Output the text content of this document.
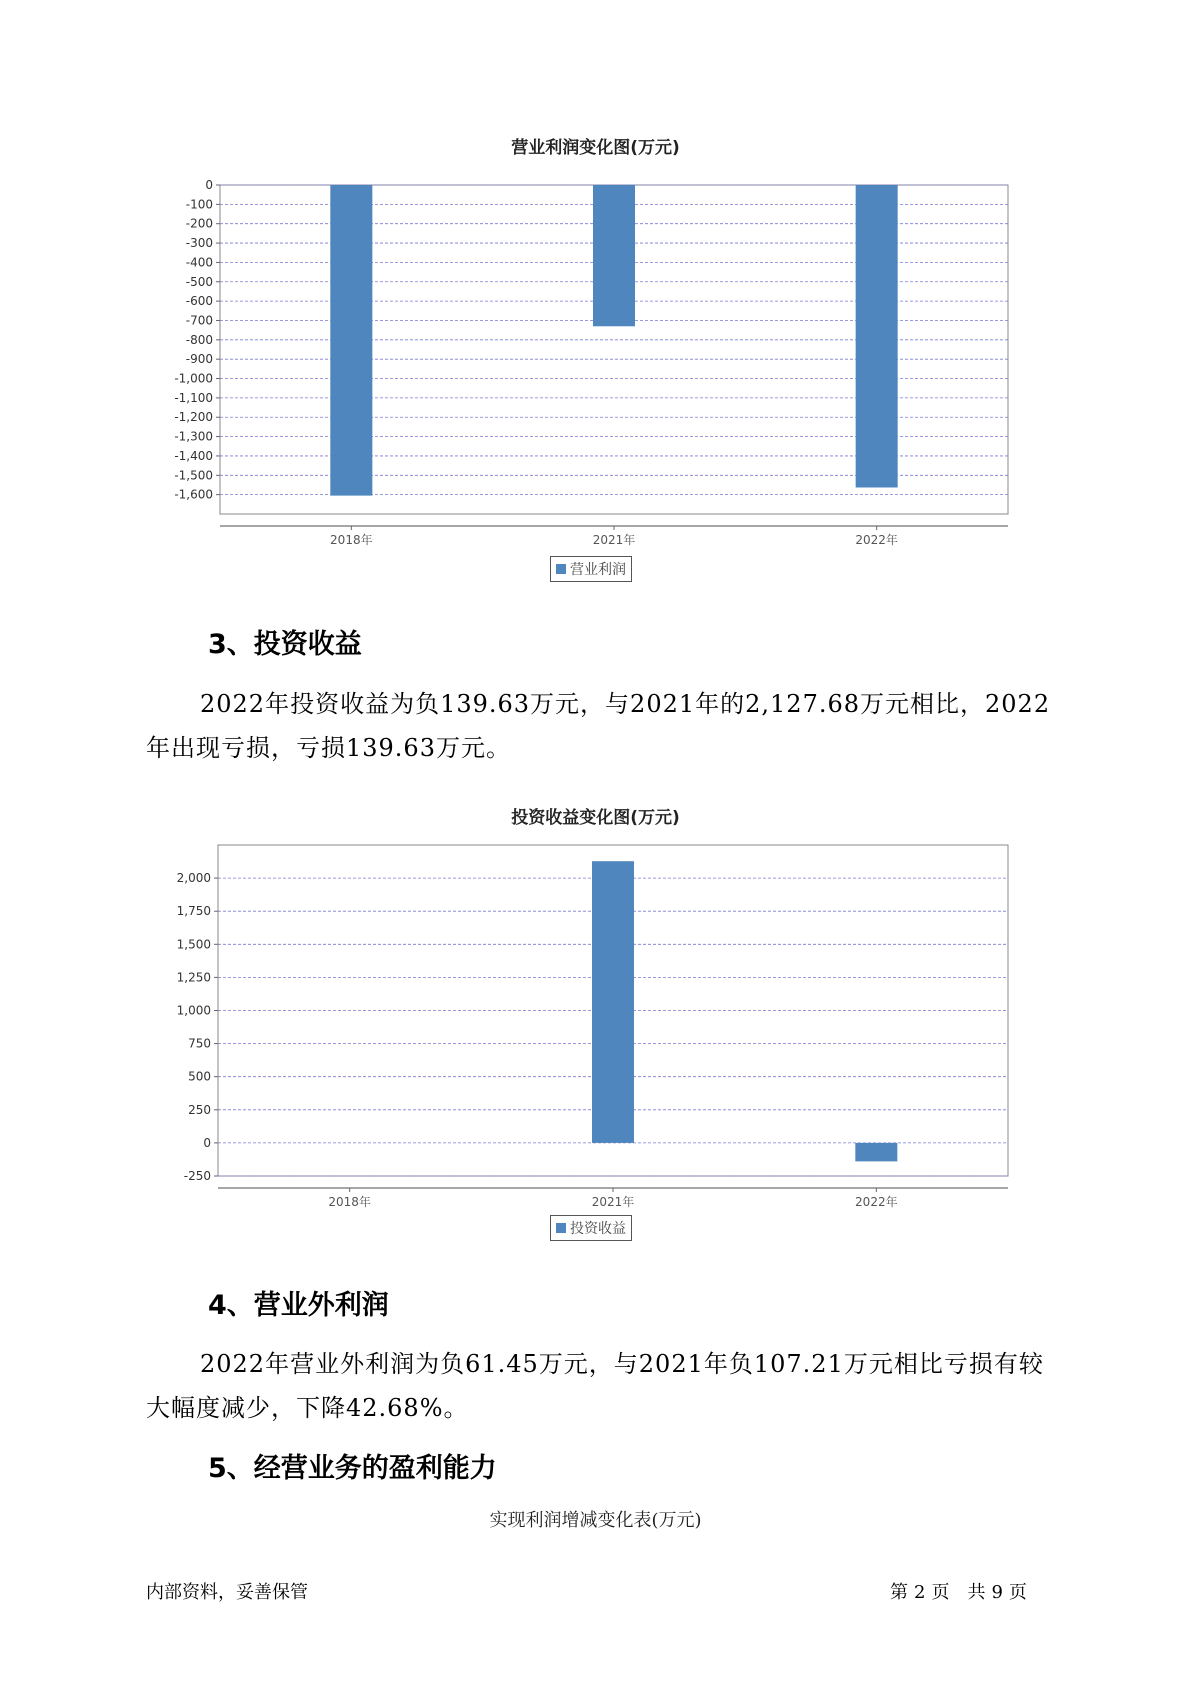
营业利润变化图(万元)
0
-100
-200
-300
-400
-500
-600
-700
-800
-900
-1,000
-1,100
-1,200
-1,300
-1,400
-1,500
-1,600
2018年	2021年	2022年
营业利润
3、投资收益
2022年投资收益为负139.63万元，与2021年的2,127.68万元相比，2022年出现亏损，亏损139.63万元。
投资收益变化图(万元)
2,000
1,750
1,500
1,250
1,000
750
500
250
0
-250
2018年	2021年	2022年
投资收益
4、营业外利润
2022年营业外利润为负61.45万元，与2021年负107.21万元相比亏损有较大幅度减少，下降42.68%。
5、经营业务的盈利能力
实现利润增减变化表(万元)
内部资料，妥善保管	第 2 页　共 9 页
